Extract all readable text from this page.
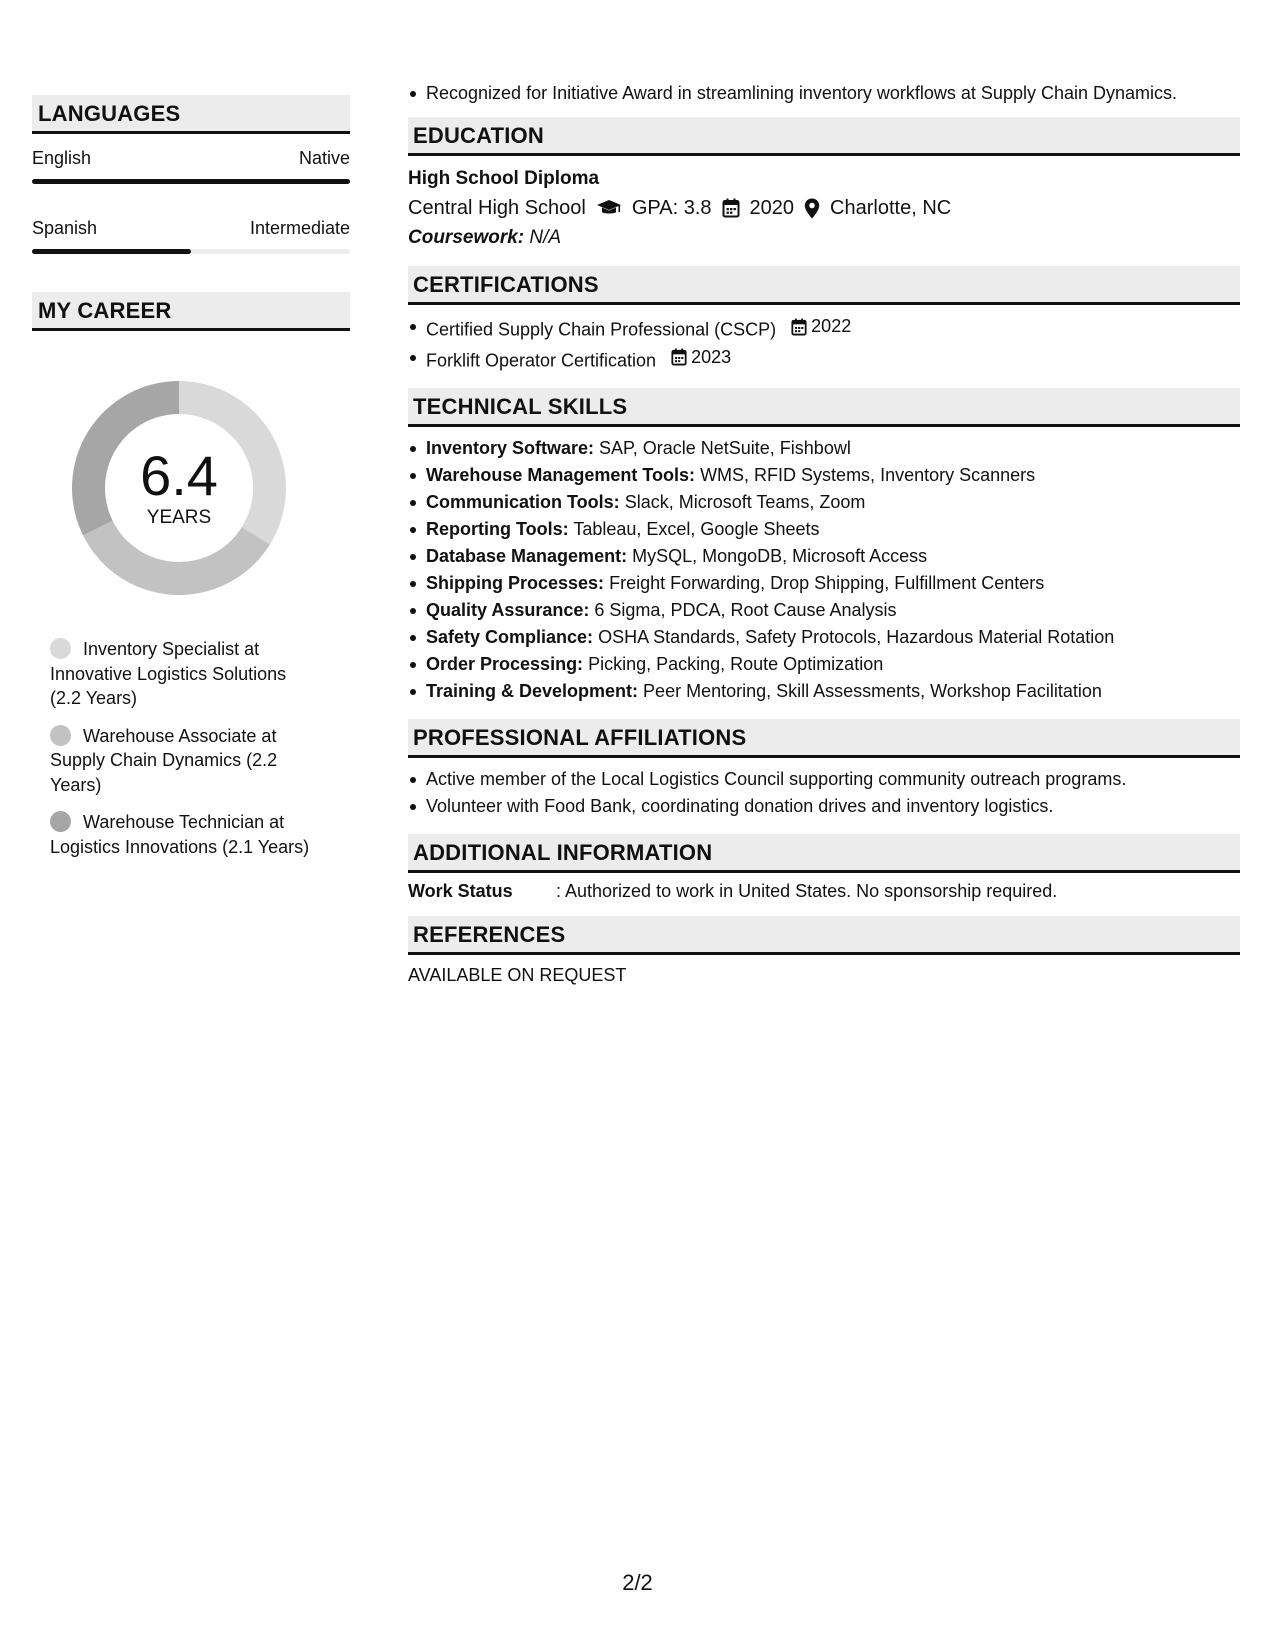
LANGUAGES
English	Native
Spanish	Intermediate
MY CAREER
6.4
YEARS
Inventory Specialist at Innovative Logistics Solutions (2.2 Years)
Warehouse Associate at Supply Chain Dynamics (2.2 Years)
Warehouse Technician at Logistics Innovations (2.1 Years)
Recognized for Initiative Award in streamlining inventory workflows at Supply Chain Dynamics.
EDUCATION
High School Diploma
Central High School GPA: 3.8 2020 Charlotte, NC
Coursework: N/A
CERTIFICATIONS
Certified Supply Chain Professional (CSCP) 2022
Forklift Operator Certification 2023
TECHNICAL SKILLS
Inventory Software: SAP, Oracle NetSuite, Fishbowl
Warehouse Management Tools: WMS, RFID Systems, Inventory Scanners
Communication Tools: Slack, Microsoft Teams, Zoom
Reporting Tools: Tableau, Excel, Google Sheets
Database Management: MySQL, MongoDB, Microsoft Access
Shipping Processes: Freight Forwarding, Drop Shipping, Fulfillment Centers
Quality Assurance: 6 Sigma, PDCA, Root Cause Analysis
Safety Compliance: OSHA Standards, Safety Protocols, Hazardous Material Rotation
Order Processing: Picking, Packing, Route Optimization
Training & Development: Peer Mentoring, Skill Assessments, Workshop Facilitation
PROFESSIONAL AFFILIATIONS
Active member of the Local Logistics Council supporting community outreach programs.
Volunteer with Food Bank, coordinating donation drives and inventory logistics.
ADDITIONAL INFORMATION
Work Status	: Authorized to work in United States. No sponsorship required.
REFERENCES
AVAILABLE ON REQUEST
2/2
